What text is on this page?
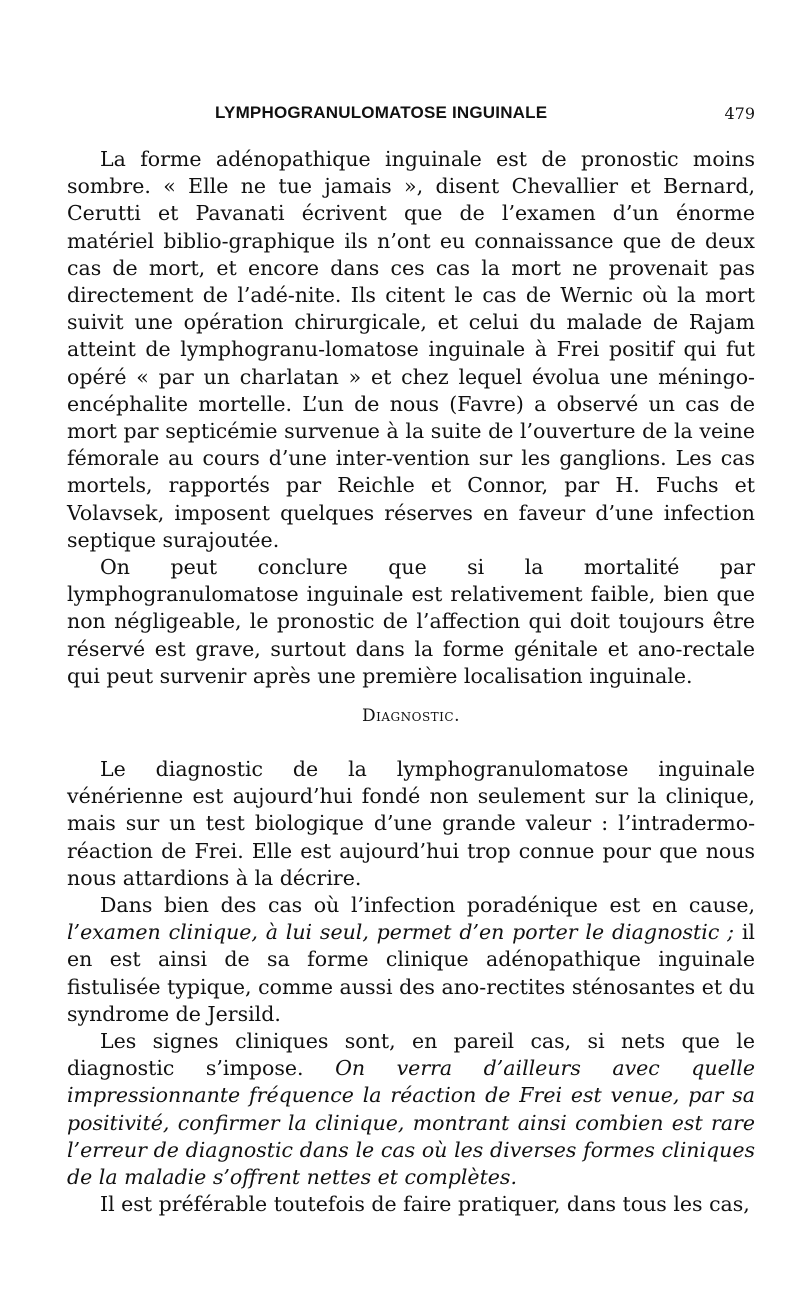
LYMPHOGRANULOMATOSE INGUINALE	479

La forme adénopathique inguinale est de pronostic moins sombre. « Elle ne tue jamais », disent Chevallier et Bernard, Cerutti et Pavanati écrivent que de l’examen d’un énorme matériel biblio-graphique ils n’ont eu connaissance que de deux cas de mort, et encore dans ces cas la mort ne provenait pas directement de l’adé-nite. Ils citent le cas de Wernic où la mort suivit une opération chirurgicale, et celui du malade de Rajam atteint de lymphogranu-lomatose inguinale à Frei positif qui fut opéré « par un charlatan » et chez lequel évolua une méningo-encéphalite mortelle. L’un de nous (Favre) a observé un cas de mort par septicémie survenue à la suite de l’ouverture de la veine fémorale au cours d’une inter-vention sur les ganglions. Les cas mortels, rapportés par Reichle et Connor, par H. Fuchs et Volavsek, imposent quelques réserves en faveur d’une infection septique surajoutée.

On peut conclure que si la mortalité par lymphogranulomatose inguinale est relativement faible, bien que non négligeable, le pronostic de l’affection qui doit toujours être réservé est grave, surtout dans la forme génitale et ano-rectale qui peut survenir après une première localisation inguinale.

Diagnostic.

Le diagnostic de la lymphogranulomatose inguinale vénérienne est aujourd’hui fondé non seulement sur la clinique, mais sur un test biologique d’une grande valeur : l’intradermo-réaction de Frei. Elle est aujourd’hui trop connue pour que nous nous attardions à la décrire.

Dans bien des cas où l’infection poradénique est en cause, l’examen clinique, à lui seul, permet d’en porter le diagnostic ; il en est ainsi de sa forme clinique adénopathique inguinale fistulisée typique, comme aussi des ano-rectites sténosantes et du syndrome de Jersild.

Les signes cliniques sont, en pareil cas, si nets que le diagnostic s’impose. On verra d’ailleurs avec quelle impressionnante fréquence la réaction de Frei est venue, par sa positivité, confirmer la clinique, montrant ainsi combien est rare l’erreur de diagnostic dans le cas où les diverses formes cliniques de la maladie s’offrent nettes et complètes.

Il est préférable toutefois de faire pratiquer, dans tous les cas,
